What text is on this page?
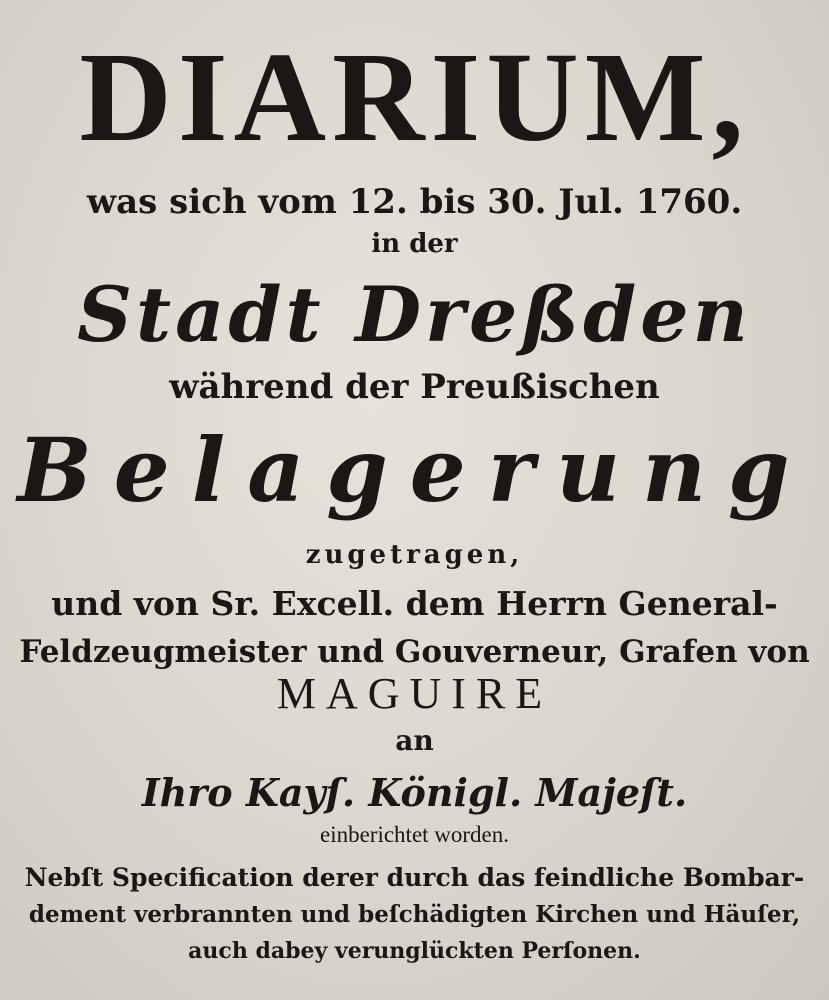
DIARIUM,
was sich vom 12. bis 30. Jul. 1760.
in der
Stadt Dreßden
während der Preußischen
Belagerung
zugetragen,
und von Sr. Excell. dem Herrn General-
Feldzeugmeister und Gouverneur, Grafen von
MAGUIRE
an
Ihro Kayſ. Königl. Majeſt.
einberichtet worden.
Nebſt Specification derer durch das feindliche Bombar-
dement verbrannten und beſchädigten Kirchen und Häuſer,
auch dabey verunglückten Perſonen.
